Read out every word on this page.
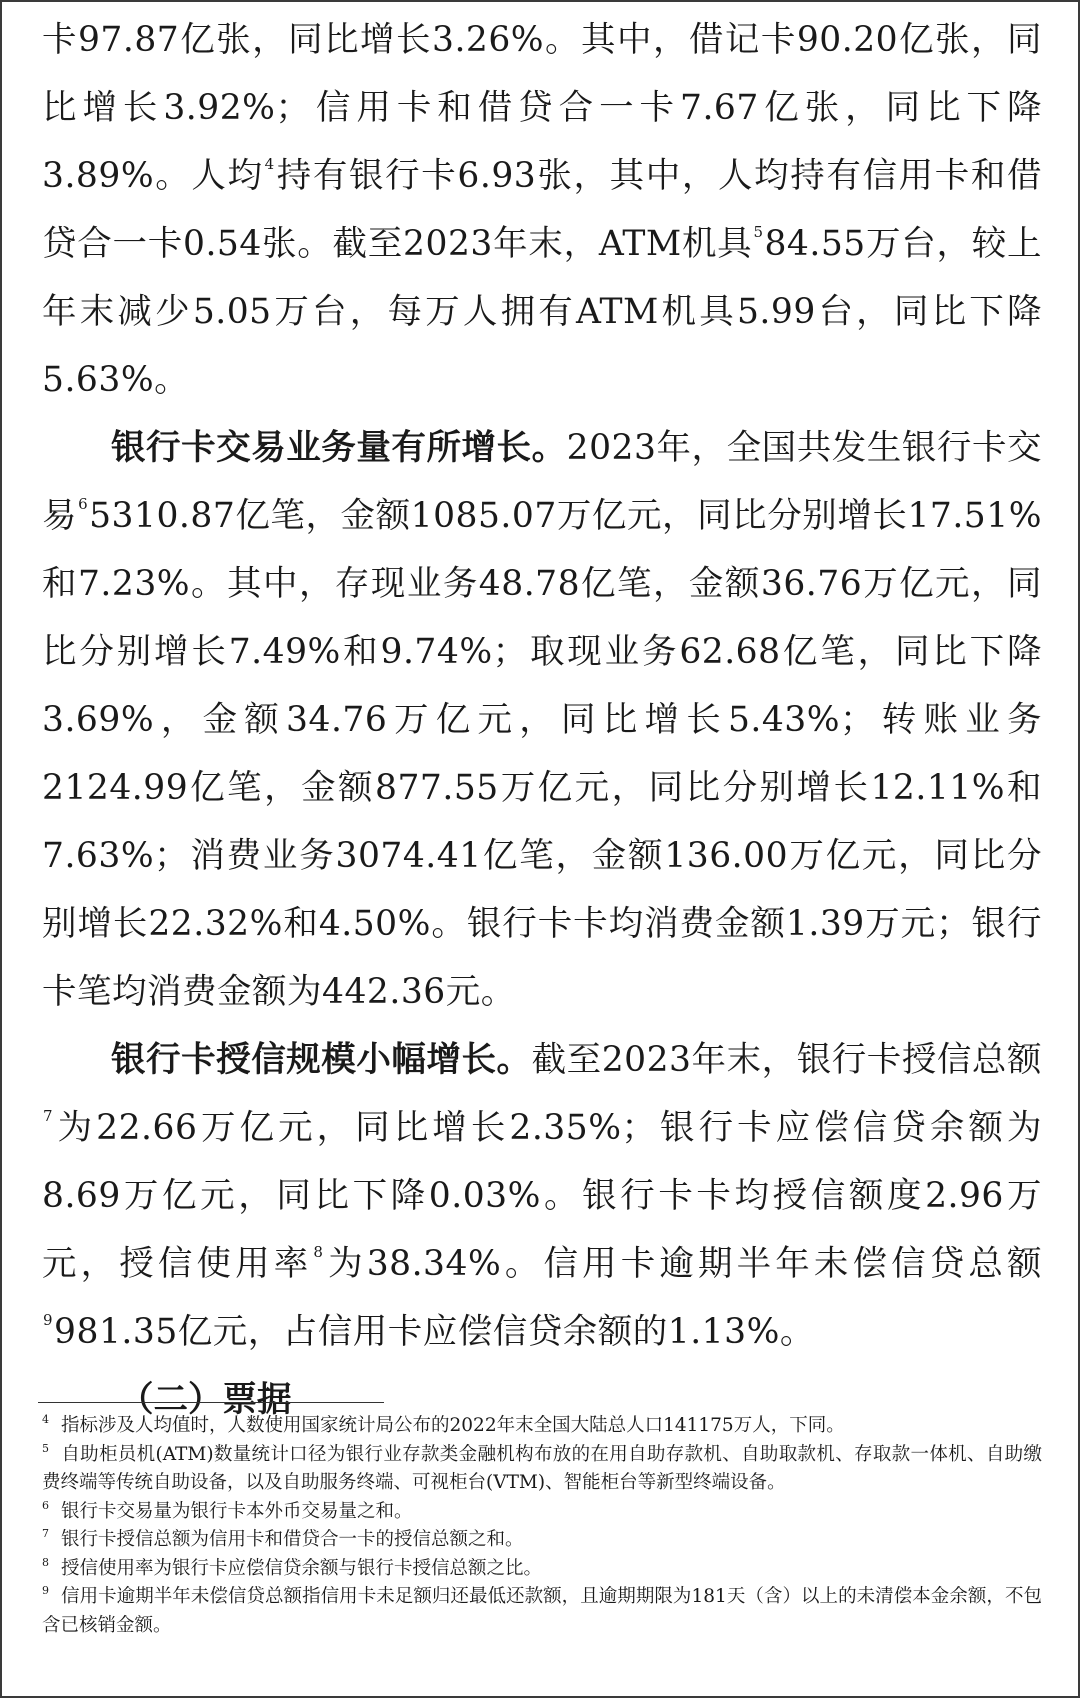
卡97.87亿张，同比增长3.26%。其中，借记卡90.20亿张，同比增长3.92%；信用卡和借贷合一卡7.67亿张，同比下降3.89%。人均$^4$持有银行卡6.93张，其中，人均持有信用卡和借贷合一卡0.54张。截至2023年末，ATM机具$^5$84.55万台，较上年末减少5.05万台，每万人拥有ATM机具5.99台，同比下降5.63%。

银行卡交易业务量有所增长。2023年，全国共发生银行卡交易$^6$5310.87亿笔，金额1085.07万亿元，同比分别增长17.51%和7.23%。其中，存现业务48.78亿笔，金额36.76万亿元，同比分别增长7.49%和9.74%；取现业务62.68亿笔，同比下降3.69%，金额34.76万亿元，同比增长5.43%；转账业务2124.99亿笔，金额877.55万亿元，同比分别增长12.11%和7.63%；消费业务3074.41亿笔，金额136.00万亿元，同比分别增长22.32%和4.50%。银行卡卡均消费金额1.39万元；银行卡笔均消费金额为442.36元。

银行卡授信规模小幅增长。截至2023年末，银行卡授信总额$^7$为22.66万亿元，同比增长2.35%；银行卡应偿信贷余额为8.69万亿元，同比下降0.03%。银行卡卡均授信额度2.96万元，授信使用率$^8$为38.34%。信用卡逾期半年未偿信贷总额$^9$981.35亿元，占信用卡应偿信贷余额的1.13%。

（二）票据

$^4$ 指标涉及人均值时，人数使用国家统计局公布的2022年末全国大陆总人口141175万人，下同。

$^5$ 自助柜员机(ATM)数量统计口径为银行业存款类金融机构布放的在用自助存款机、自助取款机、存取款一体机、自助缴费终端等传统自助设备，以及自助服务终端、可视柜台(VTM)、智能柜台等新型终端设备。

$^6$ 银行卡交易量为银行卡本外币交易量之和。

$^7$ 银行卡授信总额为信用卡和借贷合一卡的授信总额之和。

$^8$ 授信使用率为银行卡应偿信贷余额与银行卡授信总额之比。

$^9$ 信用卡逾期半年未偿信贷总额指信用卡未足额归还最低还款额，且逾期期限为181天（含）以上的未清偿本金余额，不包含已核销金额。
